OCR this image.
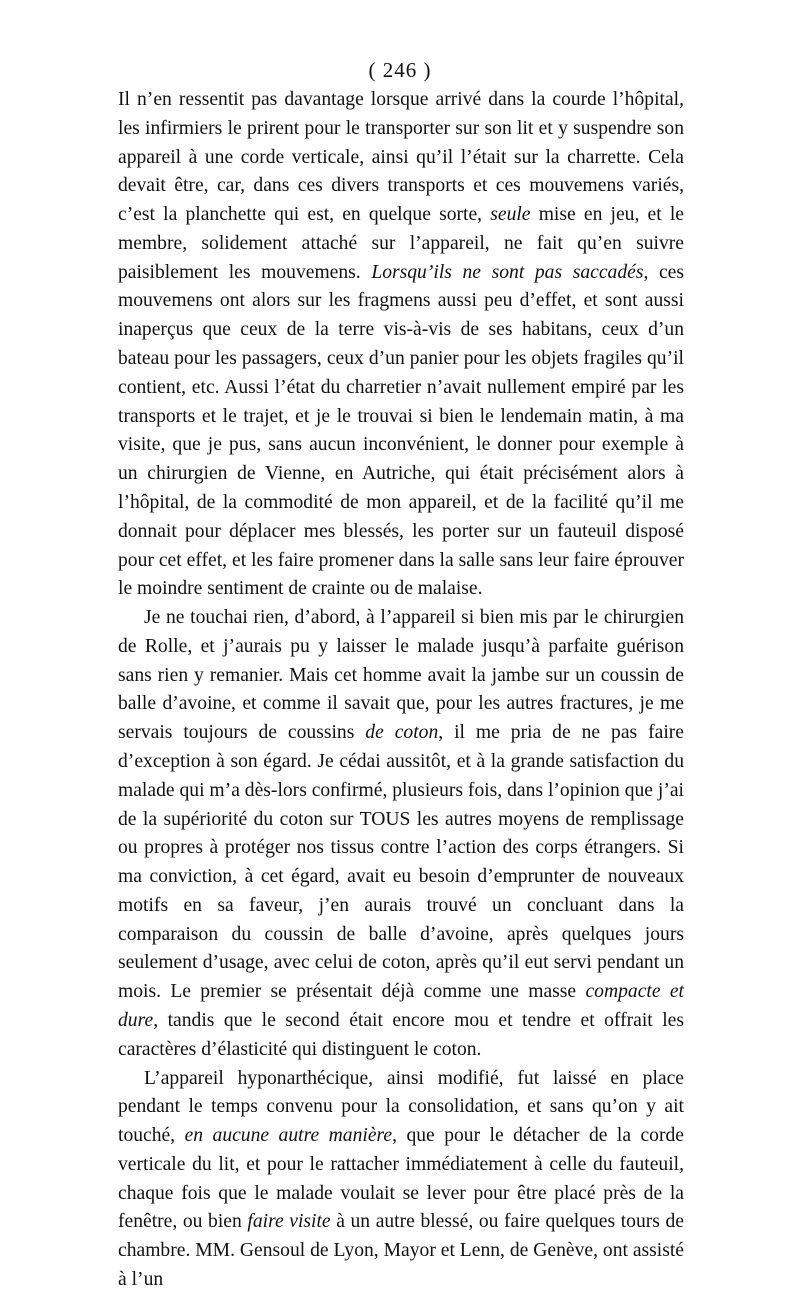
( 246 )

Il n’en ressentit pas davantage lorsque arrivé dans la courde l’hôpital, les infirmiers le prirent pour le transporter sur son lit et y suspendre son appareil à une corde verticale, ainsi qu’il l’était sur la charrette. Cela devait être, car, dans ces divers transports et ces mouvemens variés, c’est la planchette qui est, en quelque sorte, seule mise en jeu, et le membre, solidement attaché sur l’appareil, ne fait qu’en suivre paisiblement les mouvemens. Lorsqu’ils ne sont pas saccadés, ces mouvemens ont alors sur les fragmens aussi peu d’effet, et sont aussi inaperçus que ceux de la terre vis-à-vis de ses habitans, ceux d’un bateau pour les passagers, ceux d’un panier pour les objets fragiles qu’il contient, etc. Aussi l’état du charretier n’avait nullement empiré par les transports et le trajet, et je le trouvai si bien le lendemain matin, à ma visite, que je pus, sans aucun inconvénient, le donner pour exemple à un chirurgien de Vienne, en Autriche, qui était précisément alors à l’hôpital, de la commodité de mon appareil, et de la facilité qu’il me donnait pour déplacer mes blessés, les porter sur un fauteuil disposé pour cet effet, et les faire promener dans la salle sans leur faire éprouver le moindre sentiment de crainte ou de malaise.

Je ne touchai rien, d’abord, à l’appareil si bien mis par le chirurgien de Rolle, et j’aurais pu y laisser le malade jusqu’à parfaite guérison sans rien y remanier. Mais cet homme avait la jambe sur un coussin de balle d’avoine, et comme il savait que, pour les autres fractures, je me servais toujours de coussins de coton, il me pria de ne pas faire d’exception à son égard. Je cédai aussitôt, et à la grande satisfaction du malade qui m’a dès-lors confirmé, plusieurs fois, dans l’opinion que j’ai de la supériorité du coton sur TOUS les autres moyens de remplissage ou propres à protéger nos tissus contre l’action des corps étrangers. Si ma conviction, à cet égard, avait eu besoin d’emprunter de nouveaux motifs en sa faveur, j’en aurais trouvé un concluant dans la comparaison du coussin de balle d’avoine, après quelques jours seulement d’usage, avec celui de coton, après qu’il eut servi pendant un mois. Le premier se présentait déjà comme une masse compacte et dure, tandis que le second était encore mou et tendre et offrait les caractères d’élasticité qui distinguent le coton.

L’appareil hyponarthécique, ainsi modifié, fut laissé en place pendant le temps convenu pour la consolidation, et sans qu’on y ait touché, en aucune autre manière, que pour le détacher de la corde verticale du lit, et pour le rattacher immédiatement à celle du fauteuil, chaque fois que le malade voulait se lever pour être placé près de la fenêtre, ou bien faire visite à un autre blessé, ou faire quelques tours de chambre. MM. Gensoul de Lyon, Mayor et Lenn, de Genève, ont assisté à l’un
